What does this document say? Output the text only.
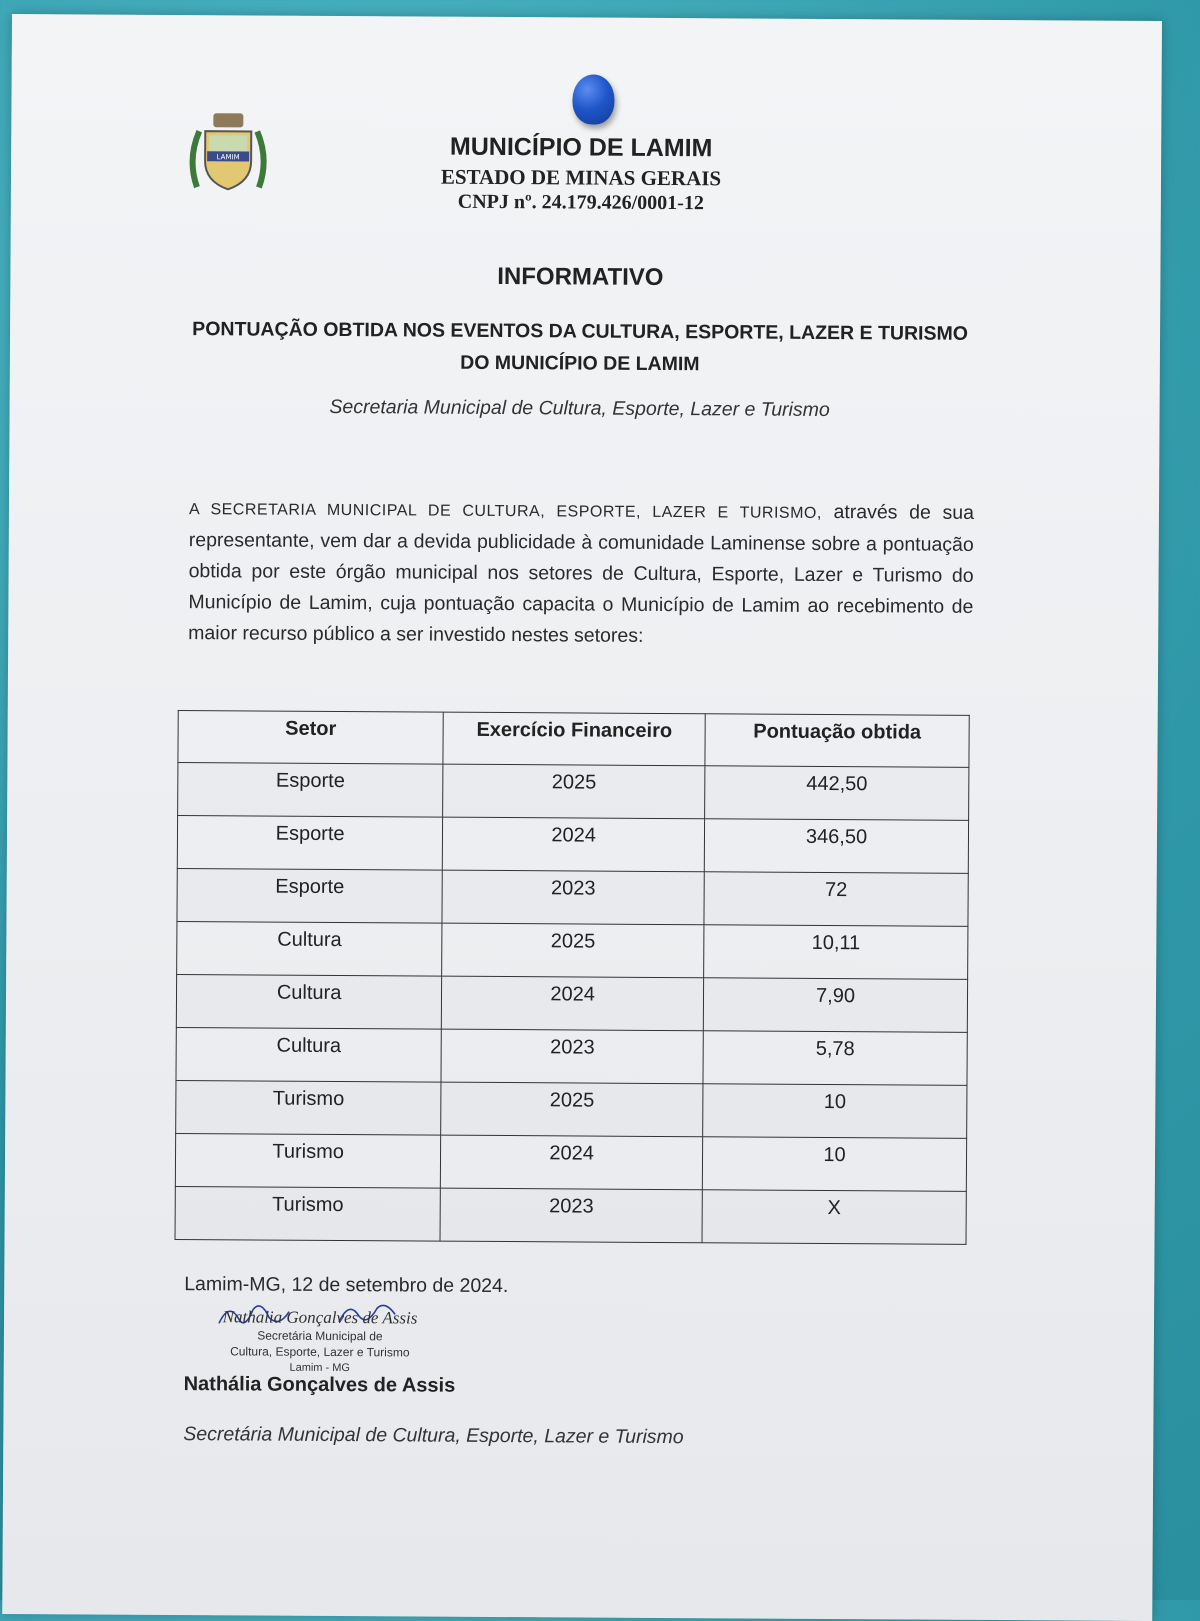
LAMIM	MUNICÍPIO DE LAMIM
ESTADO DE MINAS GERAIS
CNPJ nº. 24.179.426/0001-12
INFORMATIVO
PONTUAÇÃO OBTIDA NOS EVENTOS DA CULTURA, ESPORTE, LAZER E TURISMO
DO MUNICÍPIO DE LAMIM
Secretaria Municipal de Cultura, Esporte, Lazer e Turismo
A SECRETARIA MUNICIPAL DE CULTURA, ESPORTE, LAZER E TURISMO, através de sua representante, vem dar a devida publicidade à comunidade Laminense sobre a pontuação obtida por este órgão municipal nos setores de Cultura, Esporte, Lazer e Turismo do Município de Lamim, cuja pontuação capacita o Município de Lamim ao recebimento de maior recurso público a ser investido nestes setores:
Setor	Exercício Financeiro	Pontuação obtida
Esporte	2025	442,50
Esporte	2024	346,50
Esporte	2023	72
Cultura	2025	10,11
Cultura	2024	7,90
Cultura	2023	5,78
Turismo	2025	10
Turismo	2024	10
Turismo	2023	X
Lamim-MG, 12 de setembro de 2024.
Nathalia Gonçalves de Assis
Secretária Municipal de
Cultura, Esporte, Lazer e Turismo
Lamim - MG
Nathália Gonçalves de Assis
Secretária Municipal de Cultura, Esporte, Lazer e Turismo
